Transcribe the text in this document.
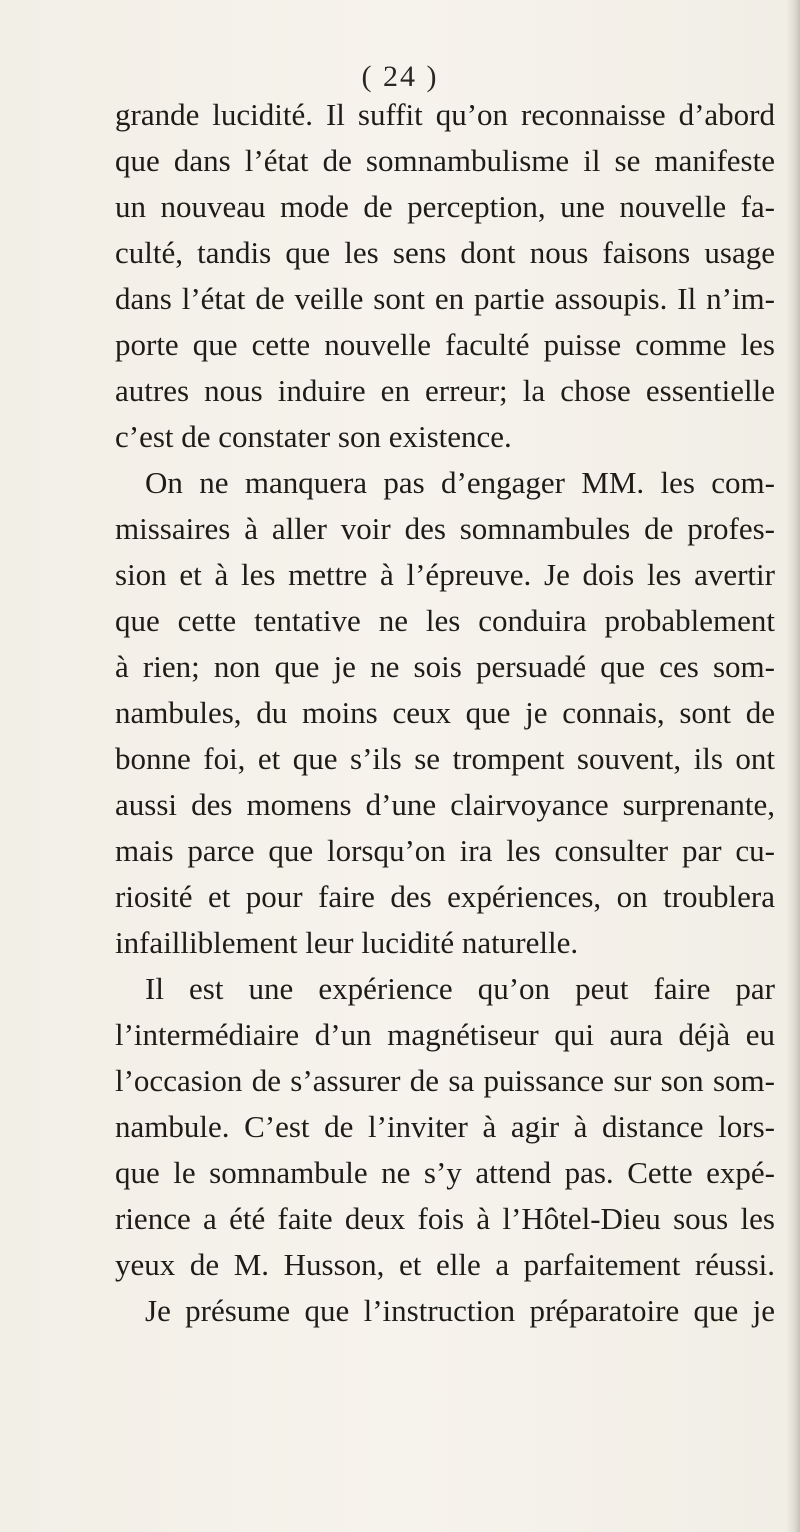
( 24 )
grande lucidité. Il suffit qu’on reconnaisse d’abord
que dans l’état de somnambulisme il se manifeste
un nouveau mode de perception, une nouvelle fa-
culté, tandis que les sens dont nous faisons usage
dans l’état de veille sont en partie assoupis. Il n’im-
porte que cette nouvelle faculté puisse comme les
autres nous induire en erreur; la chose essentielle
c’est de constater son existence.
On ne manquera pas d’engager MM. les com-
missaires à aller voir des somnambules de profes-
sion et à les mettre à l’épreuve. Je dois les avertir
que cette tentative ne les conduira probablement
à rien; non que je ne sois persuadé que ces som-
nambules, du moins ceux que je connais, sont de
bonne foi, et que s’ils se trompent souvent, ils ont
aussi des momens d’une clairvoyance surprenante,
mais parce que lorsqu’on ira les consulter par cu-
riosité et pour faire des expériences, on troublera
infailliblement leur lucidité naturelle.
Il est une expérience qu’on peut faire par
l’intermédiaire d’un magnétiseur qui aura déjà eu
l’occasion de s’assurer de sa puissance sur son som-
nambule. C’est de l’inviter à agir à distance lors-
que le somnambule ne s’y attend pas. Cette expé-
rience a été faite deux fois à l’Hôtel-Dieu sous les
yeux de M. Husson, et elle a parfaitement réussi.
Je présume que l’instruction préparatoire que je
